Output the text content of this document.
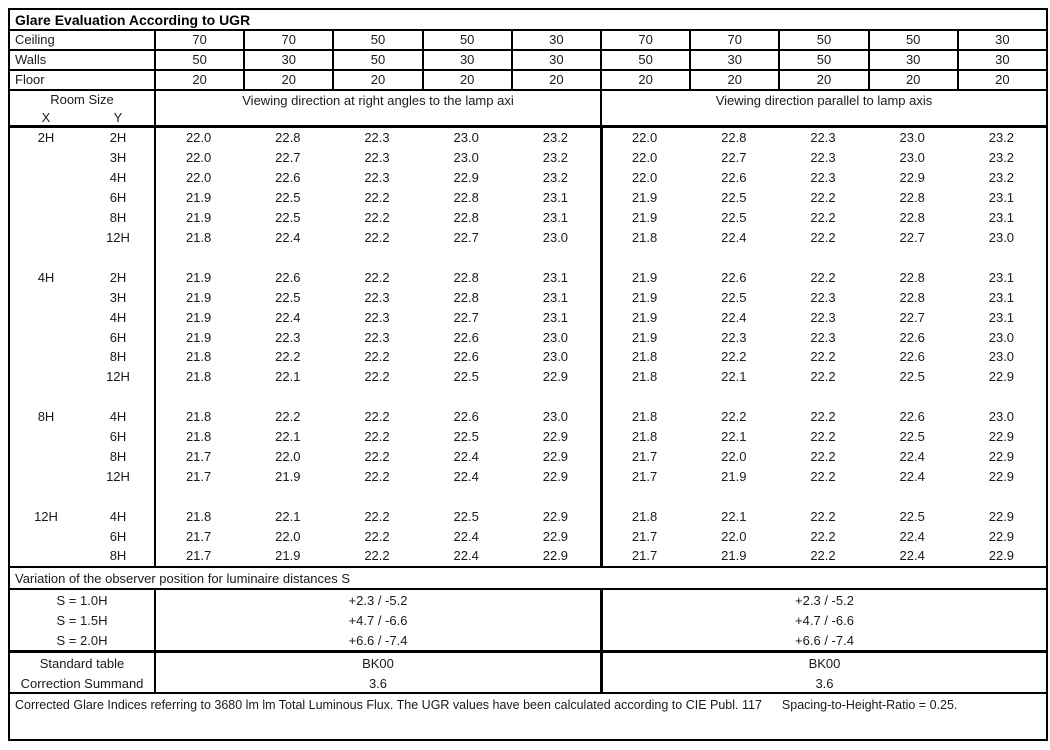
Glare Evaluation According to UGR
Ceiling	70	70	50	50	30	70	70	50	50	30
Walls	50	30	50	30	30	50	30	50	30	30
Floor	20	20	20	20	20	20	20	20	20	20
Room Size
X	Y
Viewing direction at right angles to the lamp axi	Viewing direction parallel to lamp axis
2H	2H	22.0	22.8	22.3	23.0	23.2	22.0	22.8	22.3	23.0	23.2
3H	22.0	22.7	22.3	23.0	23.2	22.0	22.7	22.3	23.0	23.2
4H	22.0	22.6	22.3	22.9	23.2	22.0	22.6	22.3	22.9	23.2
6H	21.9	22.5	22.2	22.8	23.1	21.9	22.5	22.2	22.8	23.1
8H	21.9	22.5	22.2	22.8	23.1	21.9	22.5	22.2	22.8	23.1
12H	21.8	22.4	22.2	22.7	23.0	21.8	22.4	22.2	22.7	23.0
4H	2H	21.9	22.6	22.2	22.8	23.1	21.9	22.6	22.2	22.8	23.1
3H	21.9	22.5	22.3	22.8	23.1	21.9	22.5	22.3	22.8	23.1
4H	21.9	22.4	22.3	22.7	23.1	21.9	22.4	22.3	22.7	23.1
6H	21.9	22.3	22.3	22.6	23.0	21.9	22.3	22.3	22.6	23.0
8H	21.8	22.2	22.2	22.6	23.0	21.8	22.2	22.2	22.6	23.0
12H	21.8	22.1	22.2	22.5	22.9	21.8	22.1	22.2	22.5	22.9
8H	4H	21.8	22.2	22.2	22.6	23.0	21.8	22.2	22.2	22.6	23.0
6H	21.8	22.1	22.2	22.5	22.9	21.8	22.1	22.2	22.5	22.9
8H	21.7	22.0	22.2	22.4	22.9	21.7	22.0	22.2	22.4	22.9
12H	21.7	21.9	22.2	22.4	22.9	21.7	21.9	22.2	22.4	22.9
12H	4H	21.8	22.1	22.2	22.5	22.9	21.8	22.1	22.2	22.5	22.9
6H	21.7	22.0	22.2	22.4	22.9	21.7	22.0	22.2	22.4	22.9
8H	21.7	21.9	22.2	22.4	22.9	21.7	21.9	22.2	22.4	22.9
Variation of the observer position for luminaire distances S
S = 1.0H	+2.3 / -5.2	+2.3 / -5.2
S = 1.5H	+4.7 / -6.6	+4.7 / -6.6
S = 2.0H	+6.6 / -7.4	+6.6 / -7.4
Standard table	BK00	BK00
Correction Summand	3.6	3.6
Corrected Glare Indices referring to 3680 lm lm Total Luminous Flux. The UGR values have been calculated according to CIE Publ. 117 Spacing-to-Height-Ratio = 0.25.
